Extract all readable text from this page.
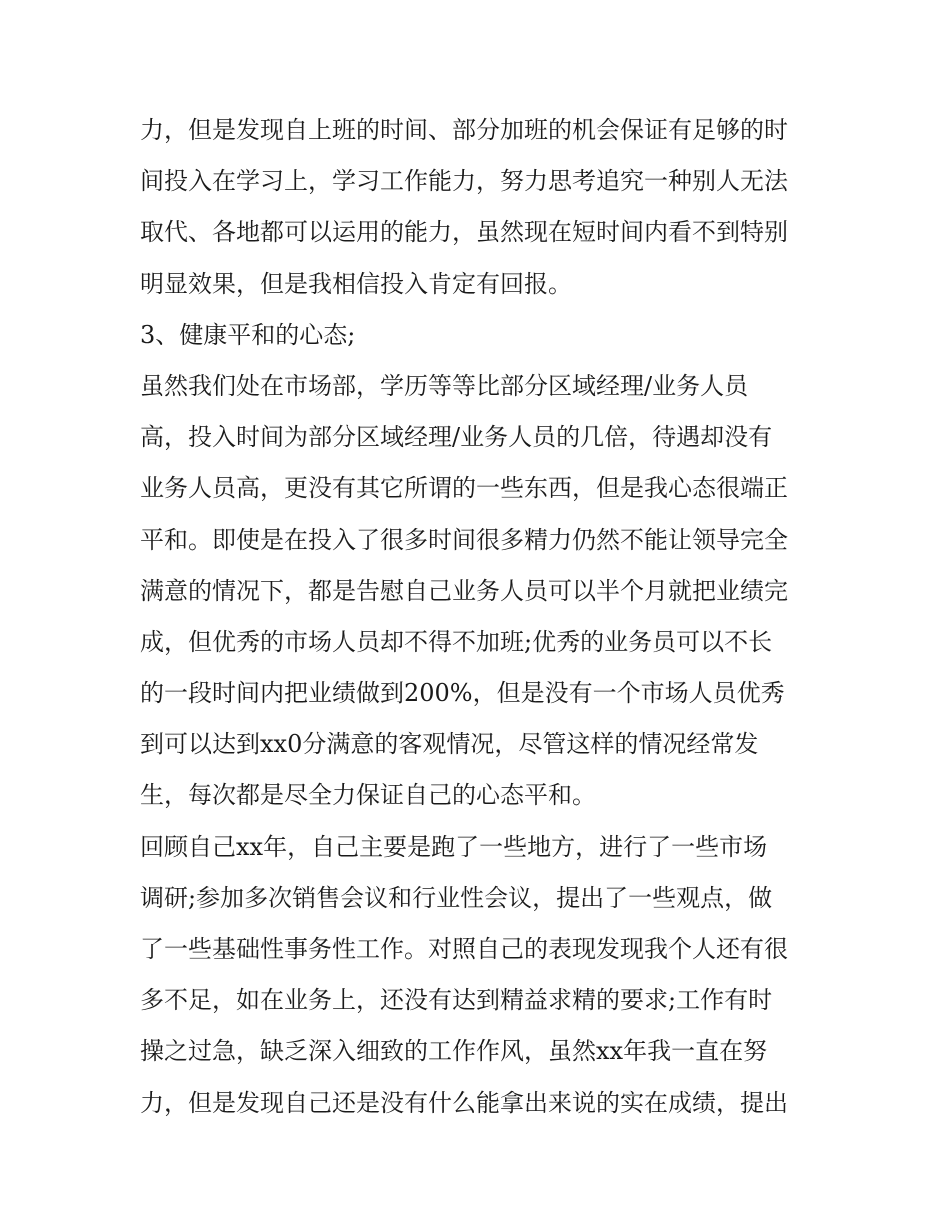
力，但是发现自上班的时间、部分加班的机会保证有足够的时
间投入在学习上，学习工作能力，努力思考追究一种别人无法
取代、各地都可以运用的能力，虽然现在短时间内看不到特别
明显效果，但是我相信投入肯定有回报。
3、健康平和的心态;
虽然我们处在市场部，学历等等比部分区域经理/业务人员
高，投入时间为部分区域经理/业务人员的几倍，待遇却没有
业务人员高，更没有其它所谓的一些东西，但是我心态很端正
平和。即使是在投入了很多时间很多精力仍然不能让领导完全
满意的情况下，都是告慰自己业务人员可以半个月就把业绩完
成，但优秀的市场人员却不得不加班;优秀的业务员可以不长
的一段时间内把业绩做到200%，但是没有一个市场人员优秀
到可以达到xx0分满意的客观情况，尽管这样的情况经常发
生，每次都是尽全力保证自己的心态平和。
回顾自己xx年，自己主要是跑了一些地方，进行了一些市场
调研;参加多次销售会议和行业性会议，提出了一些观点，做
了一些基础性事务性工作。对照自己的表现发现我个人还有很
多不足，如在业务上，还没有达到精益求精的要求;工作有时
操之过急，缺乏深入细致的工作作风，虽然xx年我一直在努
力，但是发现自己还是没有什么能拿出来说的实在成绩，提出
